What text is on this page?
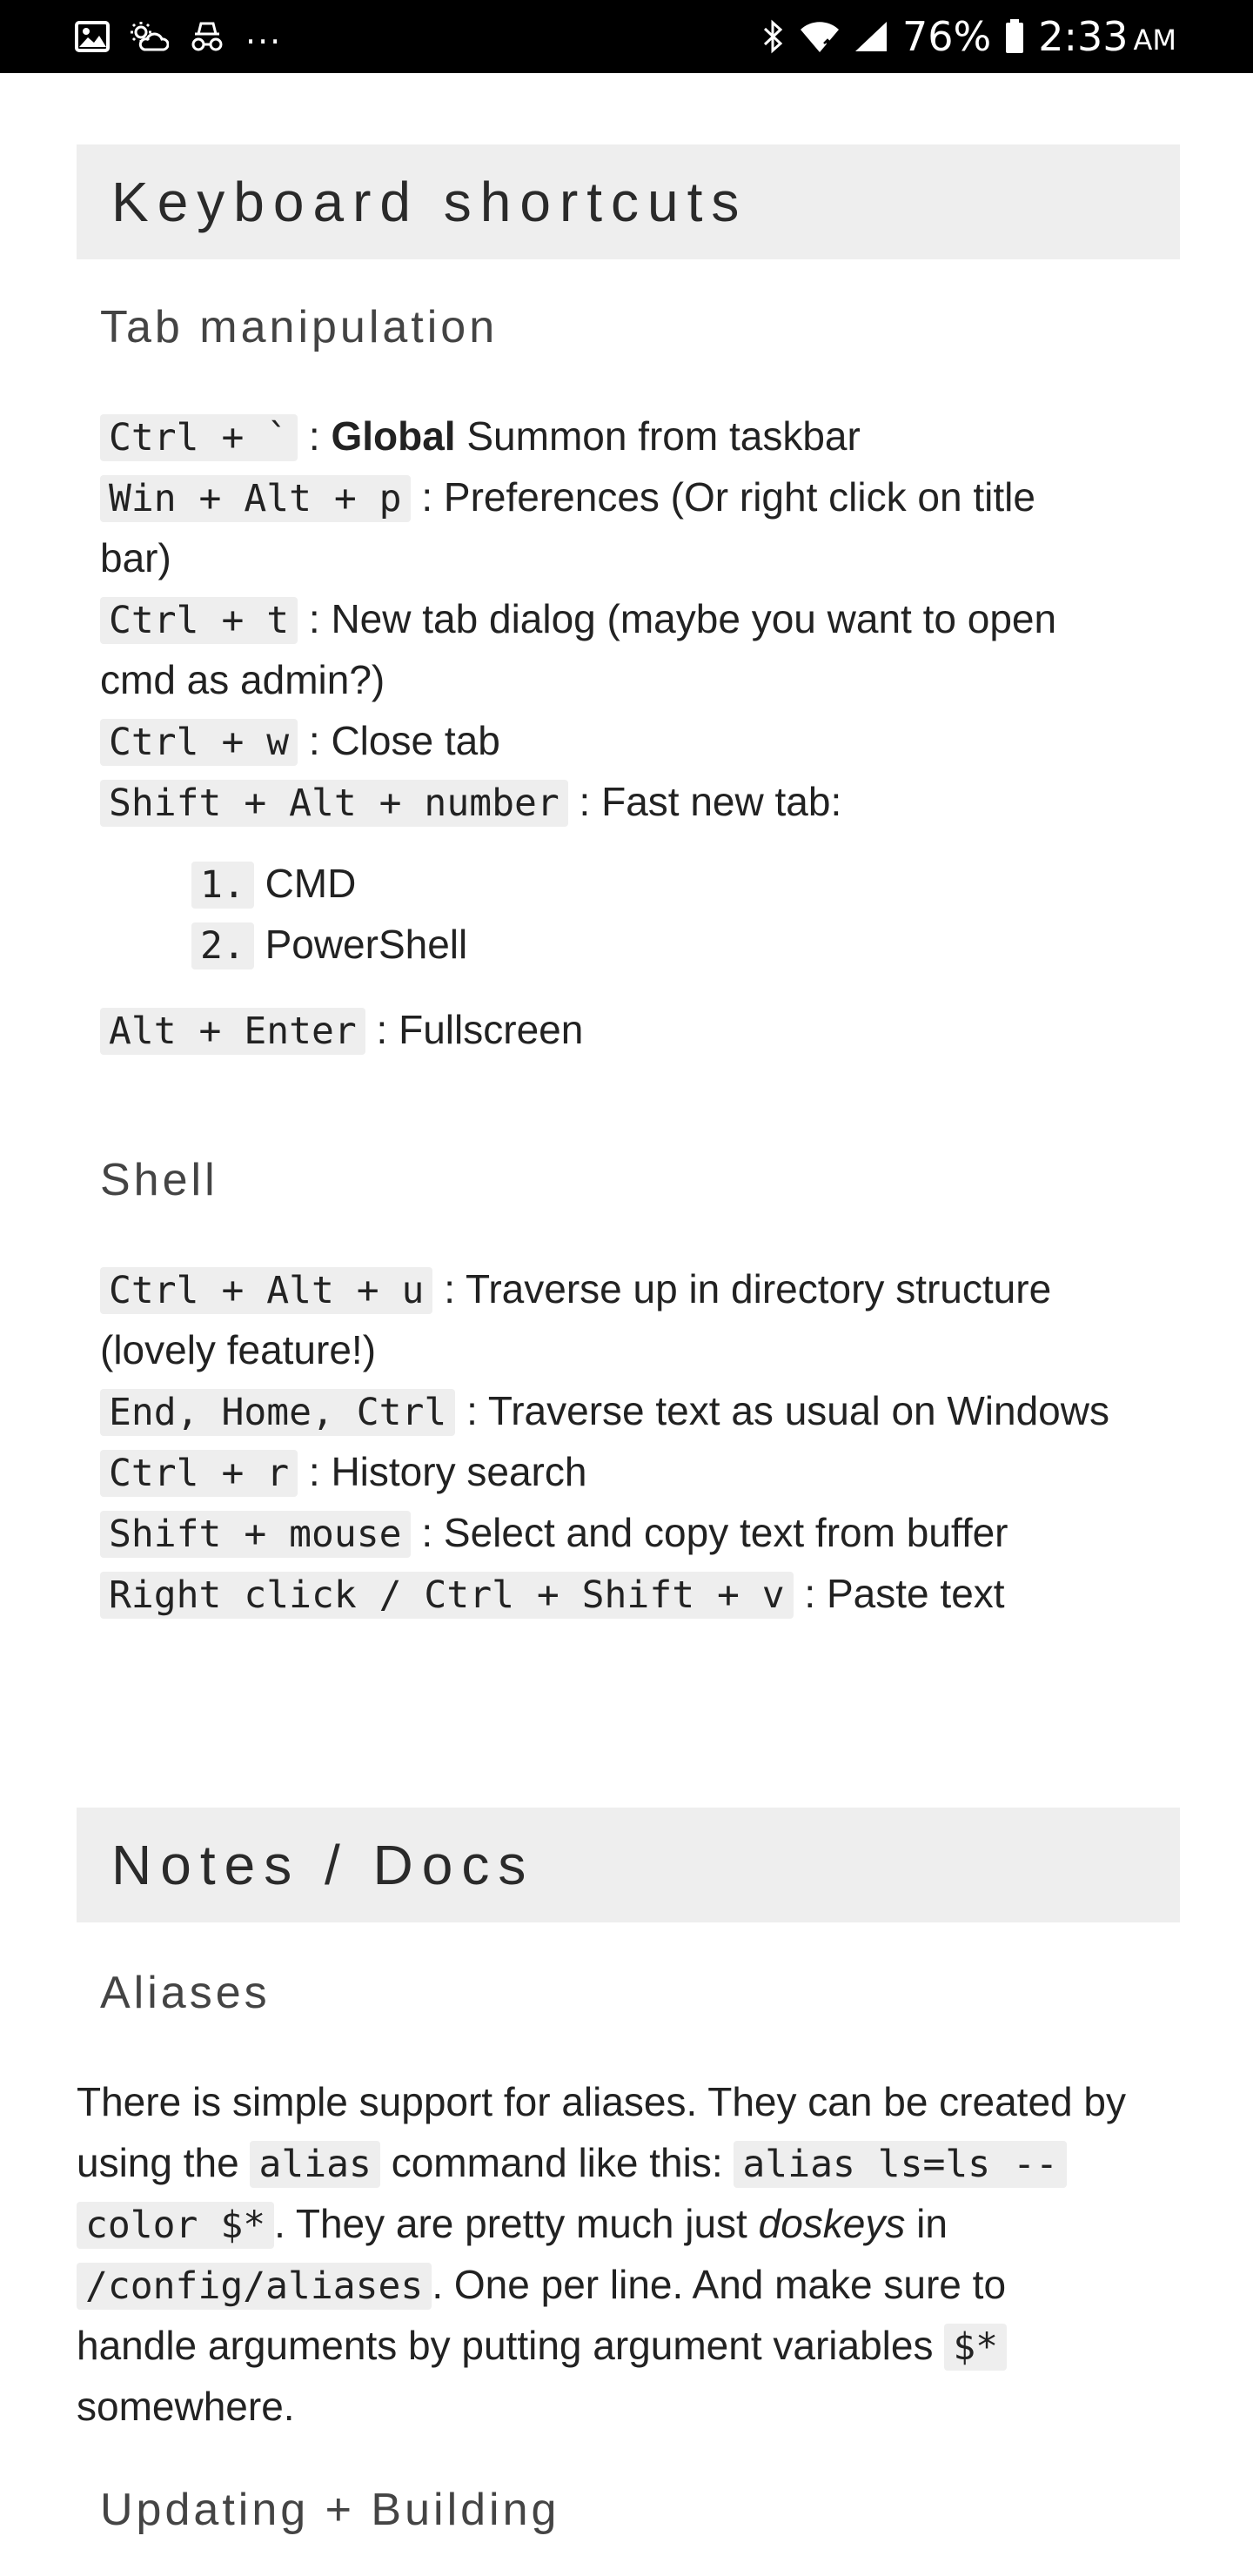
...	76% 2:33 AM
Keyboard shortcuts
Tab manipulation
Ctrl + ` : Global Summon from taskbar
Win + Alt + p : Preferences (Or right click on title
bar)
Ctrl + t : New tab dialog (maybe you want to open
cmd as admin?)
Ctrl + w : Close tab
Shift + Alt + number : Fast new tab:
1. CMD
2. PowerShell
Alt + Enter : Fullscreen
Shell
Ctrl + Alt + u : Traverse up in directory structure
(lovely feature!)
End, Home, Ctrl : Traverse text as usual on Windows
Ctrl + r : History search
Shift + mouse : Select and copy text from buffer
Right click / Ctrl + Shift + v : Paste text
Notes / Docs
Aliases
There is simple support for aliases. They can be created by
using the alias command like this: alias ls=ls --
color $* . They are pretty much just doskeys in
/config/aliases . One per line. And make sure to
handle arguments by putting argument variables $*
somewhere.
Updating + Building
